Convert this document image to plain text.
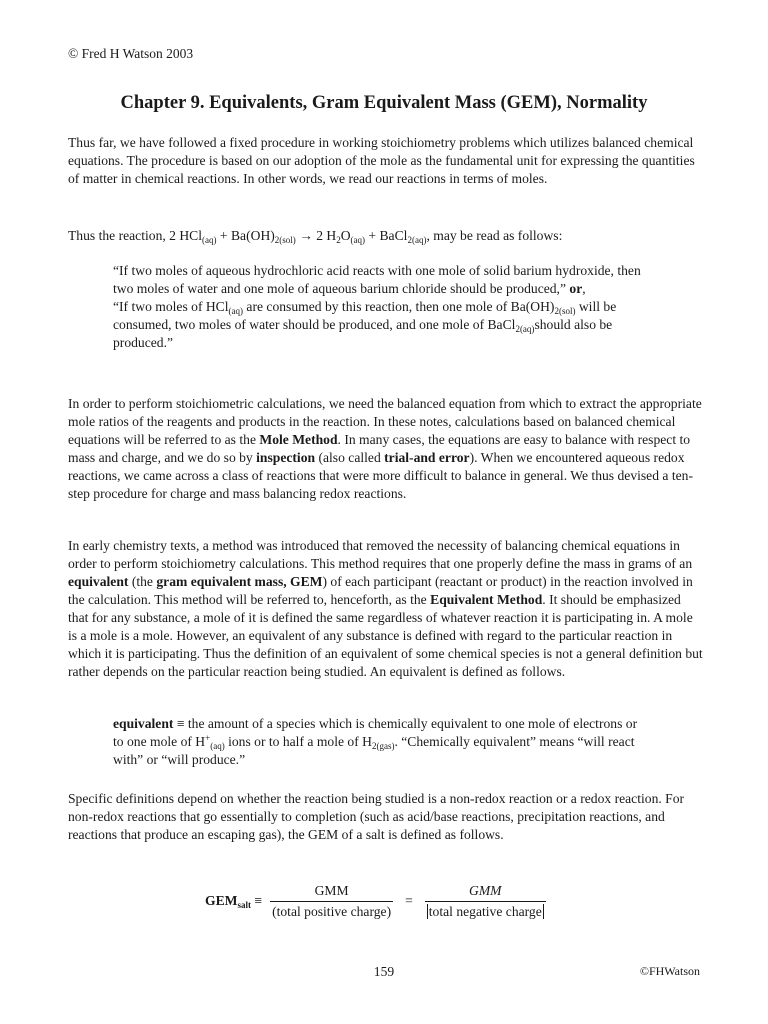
© Fred H Watson 2003
Chapter 9. Equivalents, Gram Equivalent Mass (GEM), Normality

Thus far, we have followed a fixed procedure in working stoichiometry problems which utilizes balanced chemical equations. The procedure is based on our adoption of the mole as the fundamental unit for expressing the quantities of matter in chemical reactions. In other words, we read our reactions in terms of moles.

Thus the reaction, 2 $HCl_{(aq)} + Ba(OH)_{2(sol)} \to 2$ $H_2O_{(aq)}$ + BaCl$_{2(aq)}$, may be read as follows:

“If two moles of aqueous hydrochloric acid reacts with one mole of solid barium hydroxide, then two moles of water and one mole of aqueous barium chloride should be produced,” or,
“If two moles of HCl$_{(aq)}$ are consumed by this reaction, then one mole of $Ba(OH)_{2(sol)}$ will be consumed, two moles of water should be produced, and one mole of BaCl$_{2(aq)}$should also be produced.”

In order to perform stoichiometric calculations, we need the balanced equation from which to extract the appropriate mole ratios of the reagents and products in the reaction. In these notes, calculations based on balanced chemical equations will be referred to as the Mole Method. In many cases, the equations are easy to balance with respect to mass and charge, and we do so by inspection (also called trial-and error). When we encountered aqueous redox reactions, we came across a class of reactions that were more difficult to balance in general. We thus devised a ten-step procedure for charge and mass balancing redox reactions.

In early chemistry texts, a method was introduced that removed the necessity of balancing chemical equations in order to perform stoichiometry calculations. This method requires that one properly define the mass in grams of an equivalent (the gram equivalent mass, GEM) of each participant (reactant or product) in the reaction involved in the calculation. This method will be referred to, henceforth, as the Equivalent Method. It should be emphasized that for any substance, a mole of it is defined the same regardless of whatever reaction it is participating in. A mole is a mole is a mole. However, an equivalent of any substance is defined with regard to the particular reaction in which it is participating. Thus the definition of an equivalent of some chemical species is not a general definition but rather depends on the particular reaction being studied. An equivalent is defined as follows.

equivalent ≡ the amount of a species which is chemically equivalent to one mole of electrons or to one mole of $H^+_{(aq)}$ ions or to half a mole of $H_{2(gas)}$. “Chemically equivalent” means “will react with” or “will produce.”

Specific definitions depend on whether the reaction being studied is a non-redox reaction or a redox reaction. For non-redox reactions that go essentially to completion (such as acid/base reactions, precipitation reactions, and reactions that produce an escaping gas), the GEM of a salt is defined as follows.

$GEM_{salt} \equiv \frac{\text{GMM}}{\text{(total positive charge)}} = \frac{\text{GMM}}{\text{total negative charge}}$
159	©FHWatson
